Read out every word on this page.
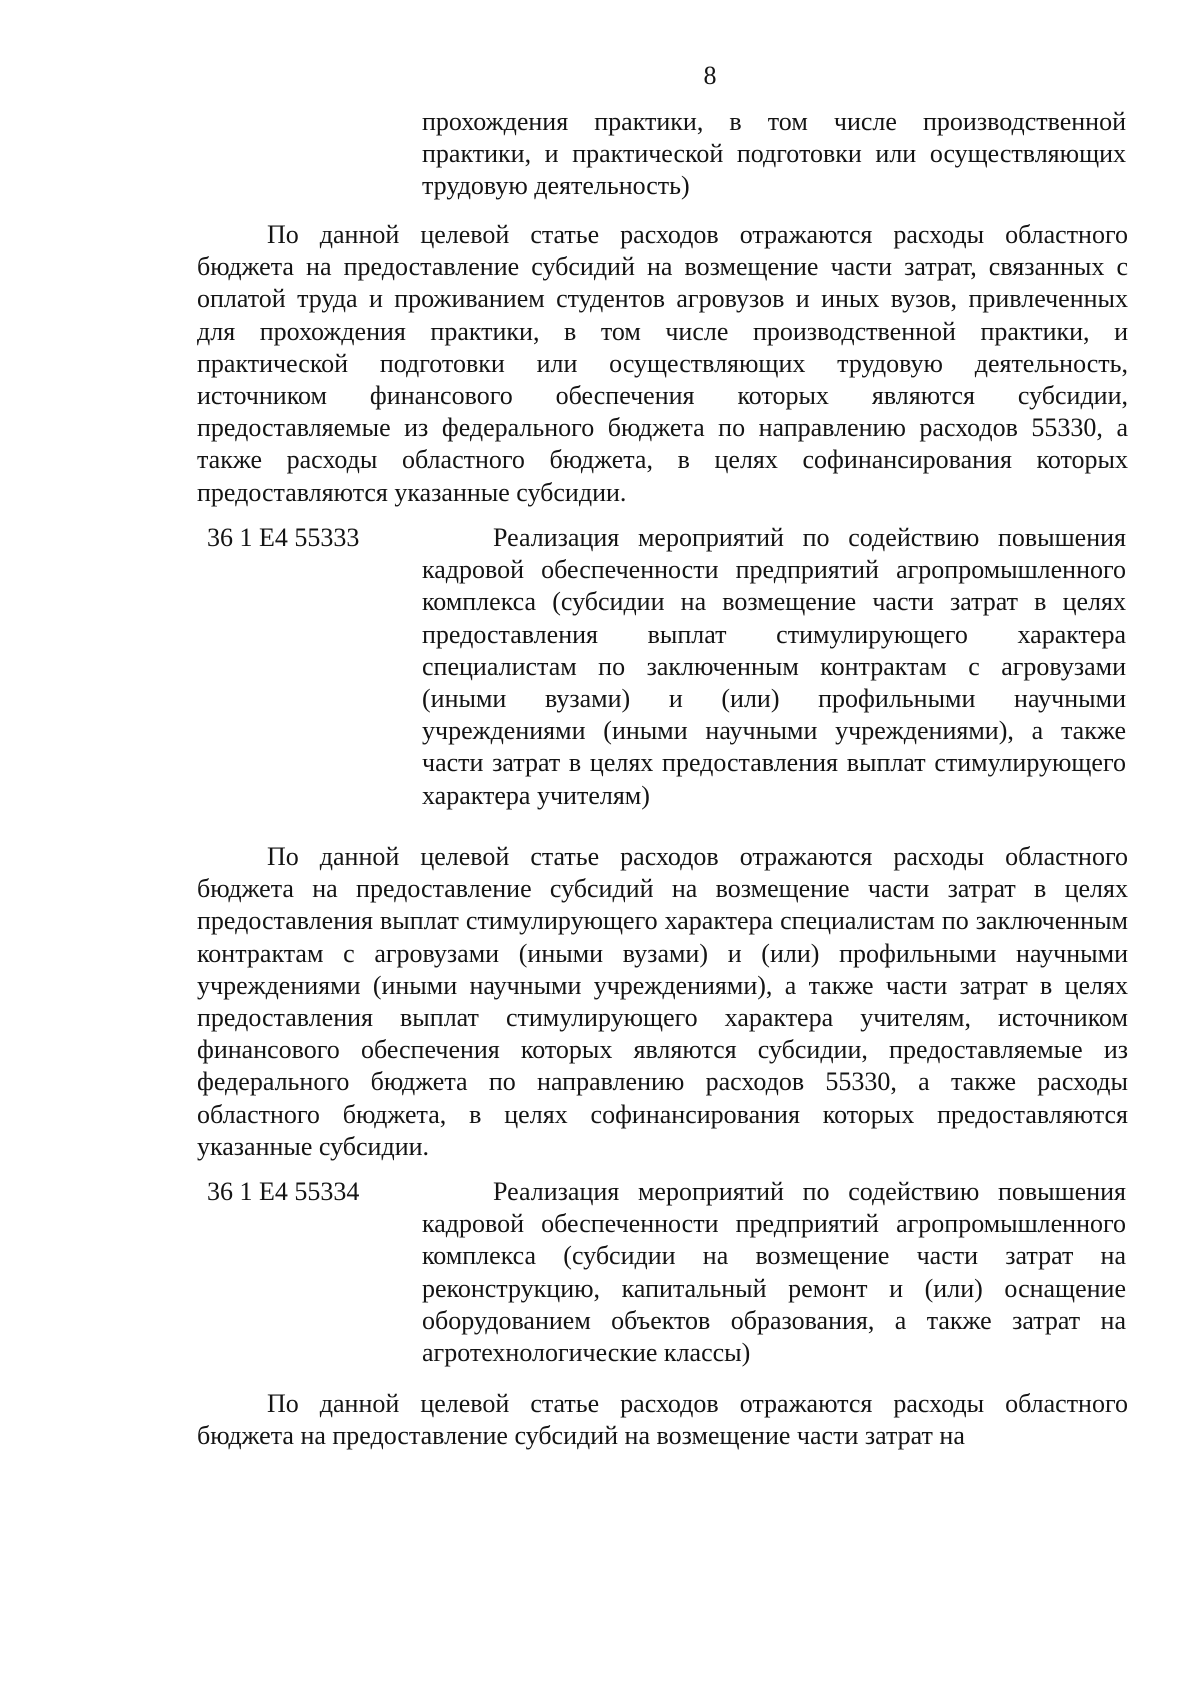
8
прохождения практики, в том числе производственной практики, и практической подготовки или осуществляющих трудовую деятельность)
По данной целевой статье расходов отражаются расходы областного бюджета на предоставление субсидий на возмещение части затрат, связанных с оплатой труда и проживанием студентов агровузов и иных вузов, привлеченных для прохождения практики, в том числе производственной практики, и практической подготовки или осуществляющих трудовую деятельность, источником финансового обеспечения которых являются субсидии, предоставляемые из федерального бюджета по направлению расходов 55330, а также расходы областного бюджета, в целях софинансирования которых предоставляются указанные субсидии.
36 1 Е4 55333	Реализация мероприятий по содействию повышения кадровой обеспеченности предприятий агропромышленного комплекса (субсидии на возмещение части затрат в целях предоставления выплат стимулирующего характера специалистам по заключенным контрактам с агровузами (иными вузами) и (или) профильными научными учреждениями (иными научными учреждениями), а также части затрат в целях предоставления выплат стимулирующего характера учителям)
По данной целевой статье расходов отражаются расходы областного бюджета на предоставление субсидий на возмещение части затрат в целях предоставления выплат стимулирующего характера специалистам по заключенным контрактам с агровузами (иными вузами) и (или) профильными научными учреждениями (иными научными учреждениями), а также части затрат в целях предоставления выплат стимулирующего характера учителям, источником финансового обеспечения которых являются субсидии, предоставляемые из федерального бюджета по направлению расходов 55330, а также расходы областного бюджета, в целях софинансирования которых предоставляются указанные субсидии.
36 1 Е4 55334	Реализация мероприятий по содействию повышения кадровой обеспеченности предприятий агропромышленного комплекса (субсидии на возмещение части затрат на реконструкцию, капитальный ремонт и (или) оснащение оборудованием объектов образования, а также затрат на агротехнологические классы)
По данной целевой статье расходов отражаются расходы областного бюджета на предоставление субсидий на возмещение части затрат на
